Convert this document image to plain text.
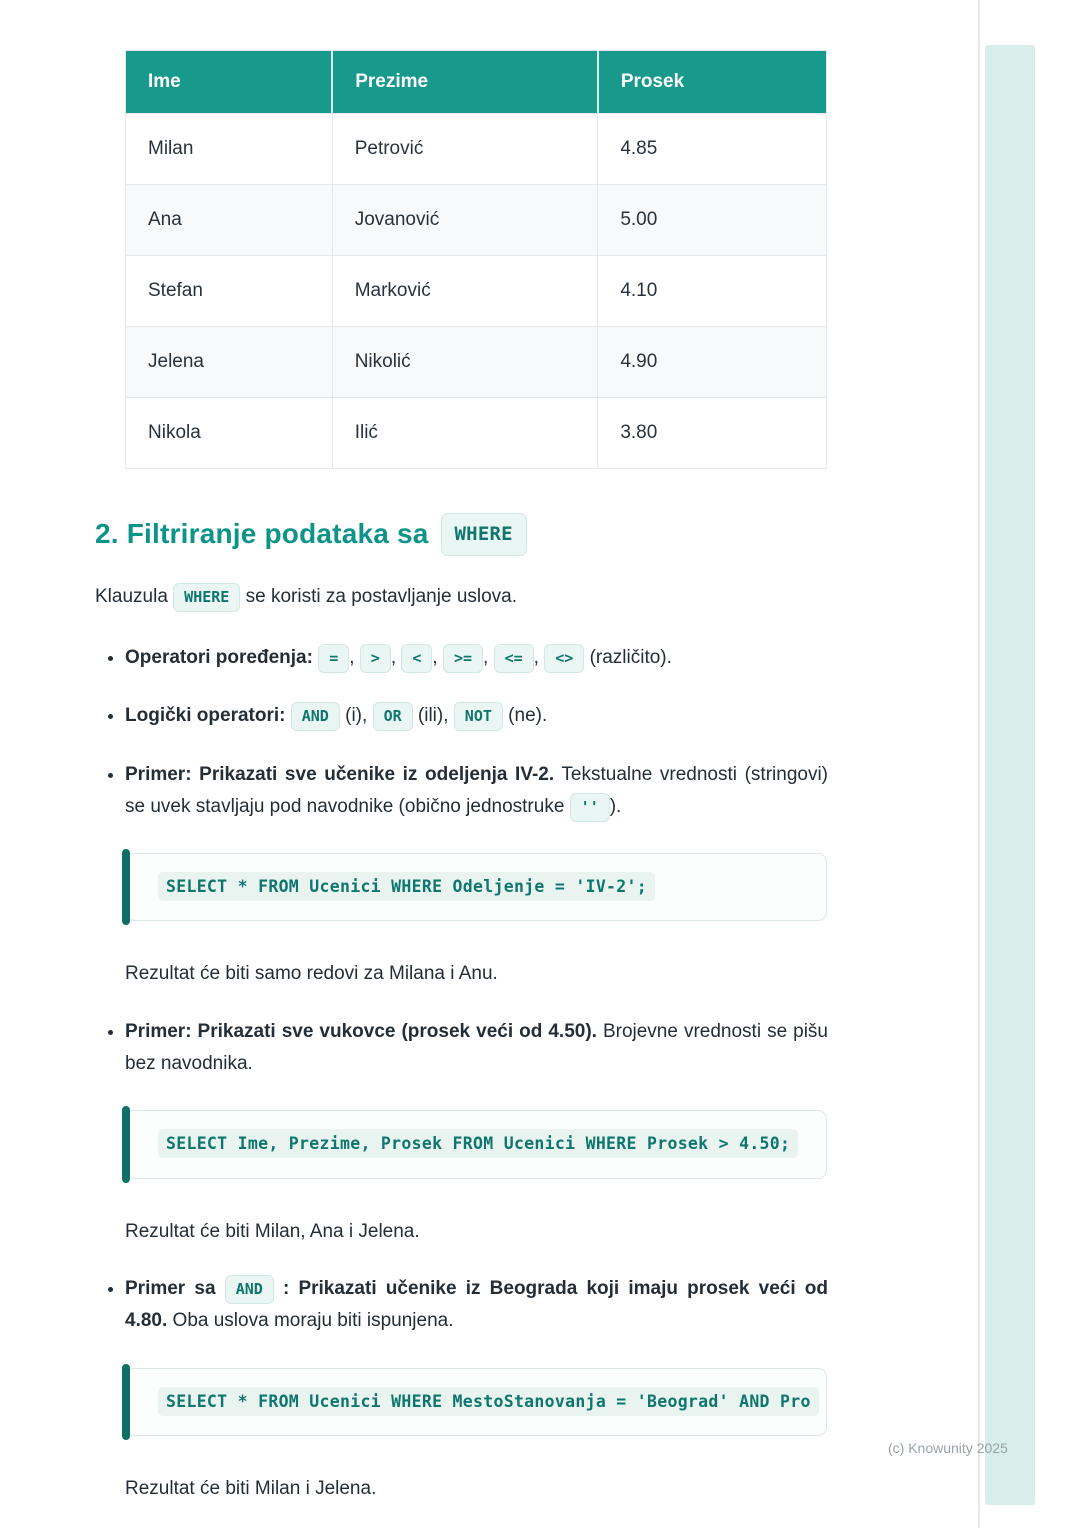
Ime	Prezime	Prosek
Milan	Petrović	4.85
Ana	Jovanović	5.00
Stefan	Marković	4.10
Jelena	Nikolić	4.90
Nikola	Ilić	3.80
2. Filtriranje podataka sa	WHERE

Klauzula WHERE se koristi za postavljanje uslova.

• Operatori poređenja: = , > , < , >= , <= , <> (različito).
• Logički operatori: AND (i), OR (ili), NOT (ne).
• Primer: Prikazati sve učenike iz odeljenja IV-2. Tekstualne vrednosti (stringovi) se uvek stavljaju pod navodnike (obično jednostruke '' ).
SELECT * FROM Ucenici WHERE Odeljenje = 'IV-2';

Rezultat će biti samo redovi za Milana i Anu.

• Primer: Prikazati sve vukovce (prosek veći od 4.50). Brojevne vrednosti se pišu bez navodnika.
SELECT Ime, Prezime, Prosek FROM Ucenici WHERE Prosek > 4.50;

Rezultat će biti Milan, Ana i Jelena.

• Primer sa AND : Prikazati učenike iz Beograda koji imaju prosek veći od 4.80. Oba uslova moraju biti ispunjena.
SELECT * FROM Ucenici WHERE MestoStanovanja = 'Beograd' AND Pro

Rezultat će biti Milan i Jelena.

(c) Knowunity 2025
